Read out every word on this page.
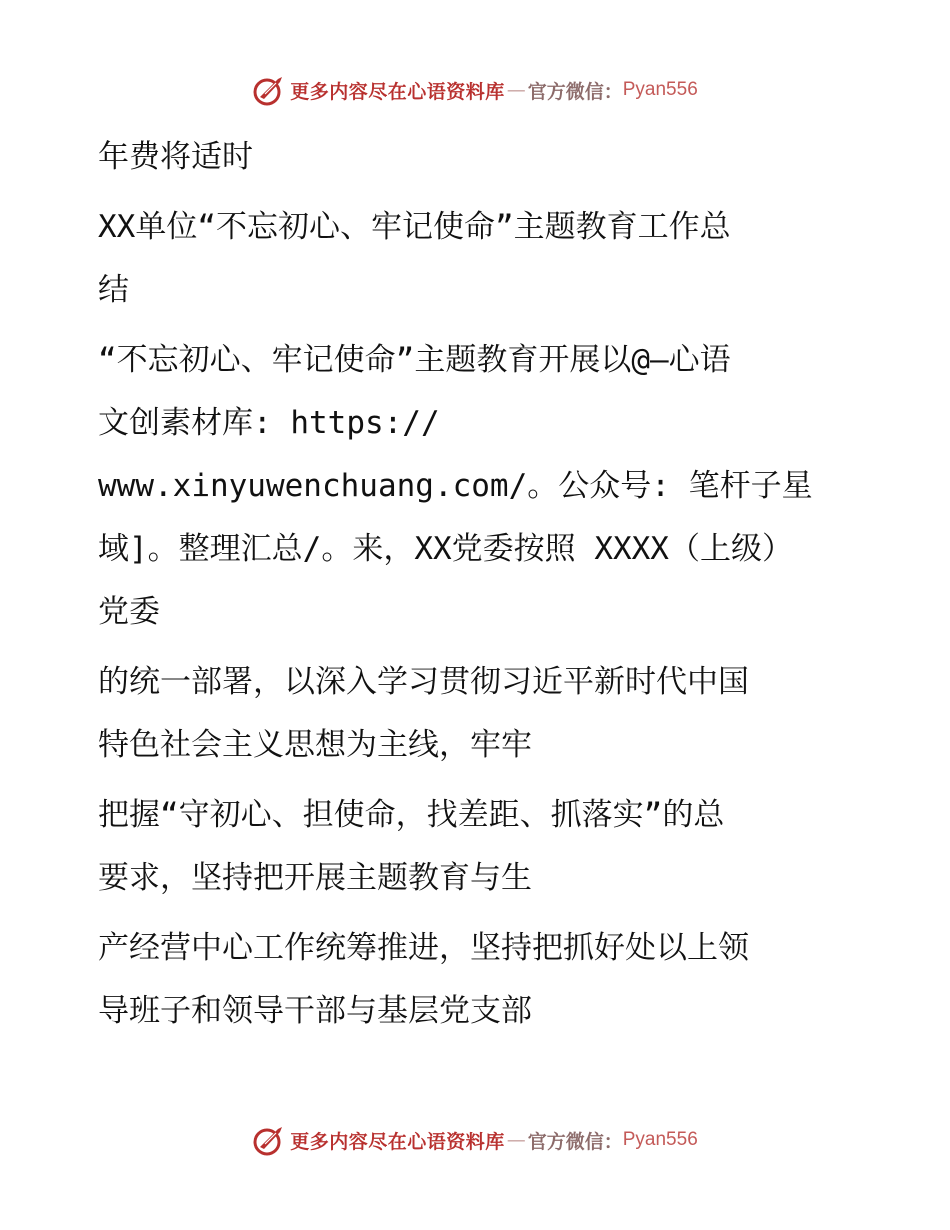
更多内容尽在心语资料库 — 官方微信： Pyan556

年费将适时

XX单位“不忘初心、牢记使命”主题教育工作总
结

“不忘初心、牢记使命”主题教育开展以@—心语
文创素材库: https://
www.xinyuwenchuang.com/。公众号: 笔杆子星
域]。整理汇总/。来，XX党委按照 XXXX（上级）
党委

的统一部署，以深入学习贯彻习近平新时代中国
特色社会主义思想为主线，牢牢

把握“守初心、担使命，找差距、抓落实”的总
要求，坚持把开展主题教育与生

产经营中心工作统筹推进，坚持把抓好处以上领
导班子和领导干部与基层党支部

更多内容尽在心语资料库 — 官方微信： Pyan556
